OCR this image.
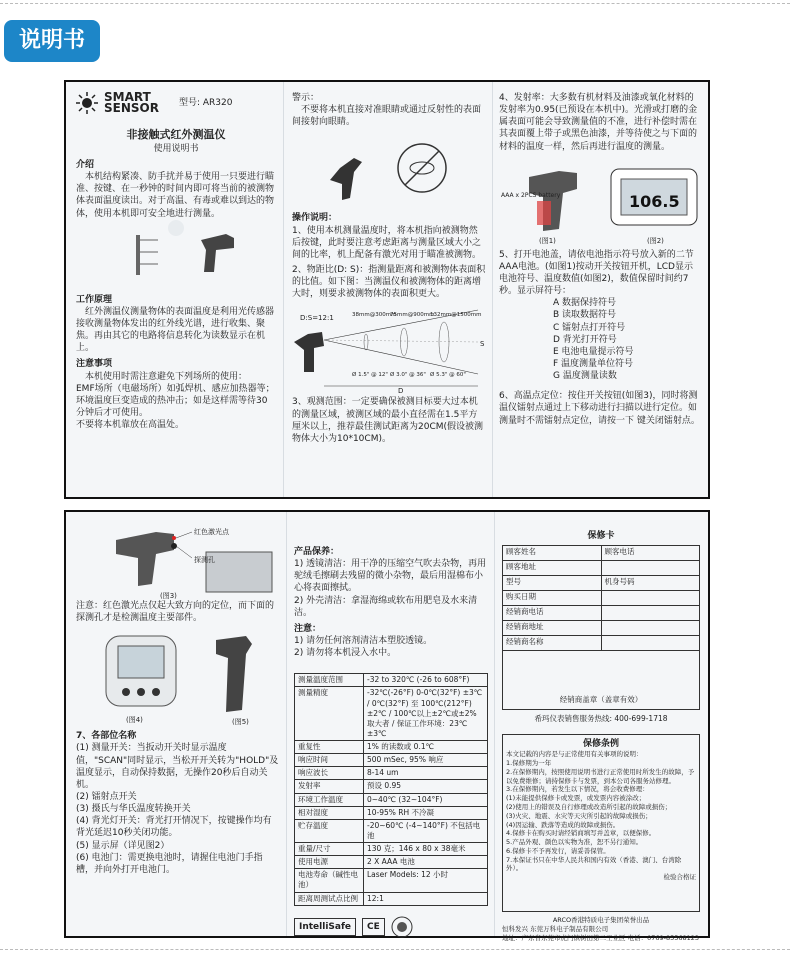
说明书
SMART
SENSOR 型号: AR320
非接触式红外测温仪
使用说明书
介绍

本机结构紧凑、防手扰并易于使用一只要进行瞄准、按键、在一秒钟的时间内即可将当前的被测物体表面温度读出。对于高温、有毒或难以到达的物体，使用本机即可安全地进行测量。

工作原理

红外测温仪测量物体的表面温度是利用光传感器接收测量物体发出的红外线光谱，进行收集、聚焦。再由其它的电路将信息转化为读数显示在机上。

注意事项

本机使用时需注意避免下列场所的使用：

EMF场所（电磁场所）如弧焊机、感应加热器等；
环境温度巨变造成的热冲击；如是这样需等待30分钟后才可使用。
不要将本机靠放在高温处。
警示：

不要将本机直接对准眼睛或通过反射性的表面间接射向眼睛。

操作说明：

1、使用本机测量温度时，将本机指向被测物然后按键，此时要注意考虑距离与测量区域大小之间的比率，机上配备有激光对用于瞄准被测物。

2、物距比(D: S)：指测量距离和被测物体表面积的比值。如下图：当测温仪和被测物体的距离增大时，则要求被测物体的表面积更大。

D:S=12:1
S
D
38mm@300mm
75mm@900mm
132mm@1500mm
Ø 1.5" @ 12" Ø 3.0" @ 36" Ø 5.3" @ 60"

3、观测范围：一定要确保被测目标要大过本机的测量区域，被测区域的最小直径需在1.5平方厘米以上，推荐最佳测试距离为20CM(假设被测物体大小为10*10CM)。

4、发射率：大多数有机材料及油漆或氧化材料的发射率为0.95(已预设在本机中)。光滑或打磨的金属表面可能会导致测量值的不准，进行补偿时需在其表面覆上带子或黑色油漆，并等待使之与下面的材料的温度一样，然后再进行温度的测量。

AAA x 2PCS battery	106.5
(图1)	(图2)

5、打开电池盖，请依电池指示符号放入新的二节AAA电池。(如图1)按动开关按钮开机，LCD显示电池符号、温度数值(如图2)，数值保留时间约7秒。显示屏符号：

A 数据保持符号
B 读取数据符号
C 镭射点打开符号
D 背光打开符号
E 电池电量提示符号
F 温度测量单位符号
G 温度测量读数

6、高温点定位：按住开关按钮(如图3)，同时将测温仪镭射点通过上下移动进行扫描以进行定位。如测量时不需镭射点定位，请按一下 键关闭镭射点。

红色激光点
探测孔
(图3)

注意：红色激光点仅起大致方向的定位，而下面的探测孔才是检测温度主要部件。

(图4)	(图5)
7、各部位名称

(1) 测量开关：当扳动开关时显示温度值，"SCAN"同时显示，当松开开关转为"HOLD"及温度显示，自动保持数据，无操作20秒后自动关机。

(2) 镭射点开关

(3) 摄氏与华氏温度转换开关

(4) 背光灯开关：背光打开情况下，按键操作均有背光延迟10秒关闭功能。

(5) 显示屏（详见图2）

(6) 电池门：需更换电池时，请握住电池门手指槽，并向外打开电池门。

产品保养：

1) 透镜清洁：用干净的压缩空气吹去杂物，再用驼绒毛擦刷去残留的微小杂物，最后用湿棉布小心将表面擦拭。

2) 外壳清洁：拿湿海绵或软布用肥皂及水来清洁。

注意：

1) 请勿任何溶剂清洁本塑胶透镜。

2) 请勿将本机浸入水中。

测量温度范围	-32 to 320℃ (-26 to 608°F)
测量精度	-32℃(-26°F) 0-0℃(32°F) ±3℃ / 0℃(32°F) 至 100℃(212°F) ±2℃ / 100℃以上±2℃或±2% 取大者 / 保证工作环境：23℃±3℃
重复性	1% 的读数或 0.1℃
响应时间	500 mSec, 95% 响应
响应波长	8-14 um
发射率	预设 0.95
环境工作温度	0~40℃ (32~104°F)
相对湿度	10-95% RH 不冷凝
贮存温度	-20~60℃ (-4~140°F) 不包括电池
重量/尺寸	130 克；146 x 80 x 38毫米
使用电源	2 X AAA 电池
电池寿命（碱性电池）	Laser Models: 12 小时
距离周测试点比例	12:1
IntelliSafe	CE
保修卡
顾客姓名	顾客电话
顾客地址	
型号	机身号码
购买日期	
经销商电话	
经销商地址	
经销商名称	
经销商盖章（盖章有效）
希玛仪表销售服务热线: 400-699-1718
保修条例
本文记载的内容是与正常使用有关事项的说明：
1.保修期为一年
2.在保修期内，按照使用说明书进行正常使用时所发生的故障，予以免费维修；请持保修卡与发票，到本公司各服务站修理。
3.在保修期内，若发生以下情况，将会收费修理：
(1)未能提供保修卡或发票，或发票内容被涂改；
(2)使用上的错误及自行修理或改造所引起的故障或损伤；
(3)火灾、地震、水灾等天灾所引起的故障或损伤；
(4)因运输、跌落等造成的故障或损伤。
4.保修卡在购买时请经销商填写并盖章，以便保修。
5.产品外观、颜色以实物为准，恕不另行通知。
6.保修卡不予再发行，请妥善保管。
7.本保证书只在中华人民共和国内有效（香港、澳门、台湾除外）。
检验合格证
ARCO香港特质电子集团荣誉出品
恒科发兴 东莞万科电子制品有限公司
地址：广东省东莞市虎门镇树田第二工业区 电话：0769-85568123
